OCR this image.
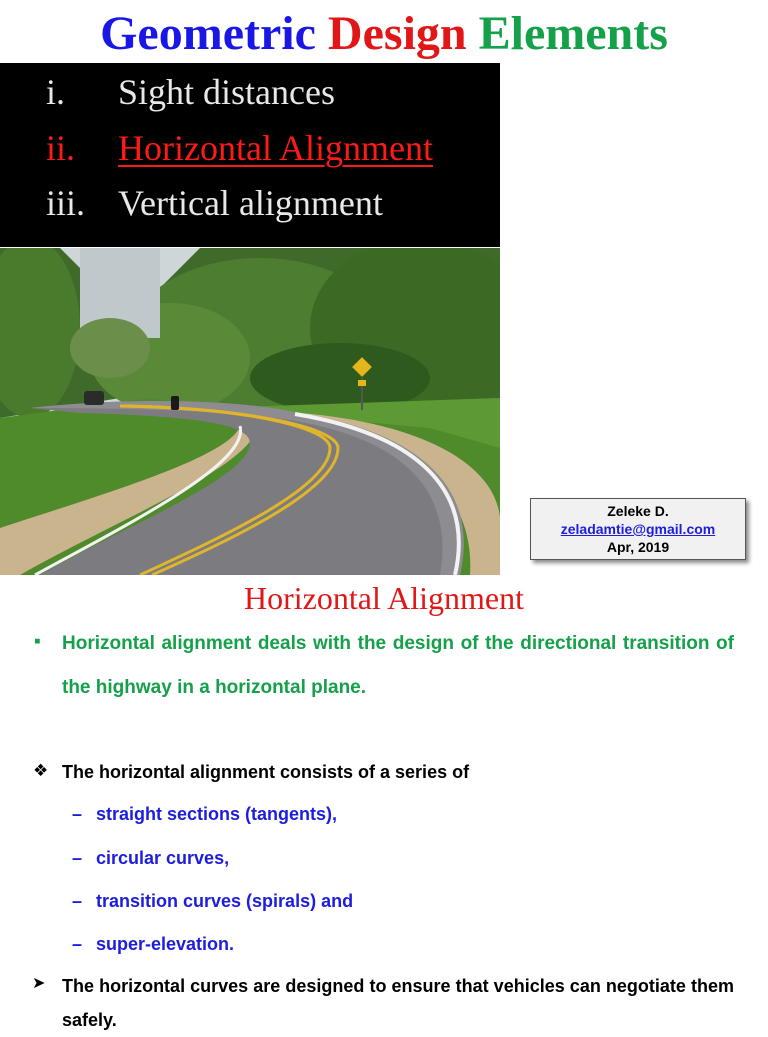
Geometric Design Elements
i. Sight distances
ii. Horizontal Alignment
iii. Vertical alignment
Zeleke D.
zeladamtie@gmail.com
Apr, 2019
Horizontal Alignment
▪ Horizontal alignment deals with the design of the directional transition of the highway in a horizontal plane.
❖ The horizontal alignment consists of a series of
– straight sections (tangents),
– circular curves,
– transition curves (spirals) and
– super-elevation.
➤ The horizontal curves are designed to ensure that vehicles can negotiate them safely.
